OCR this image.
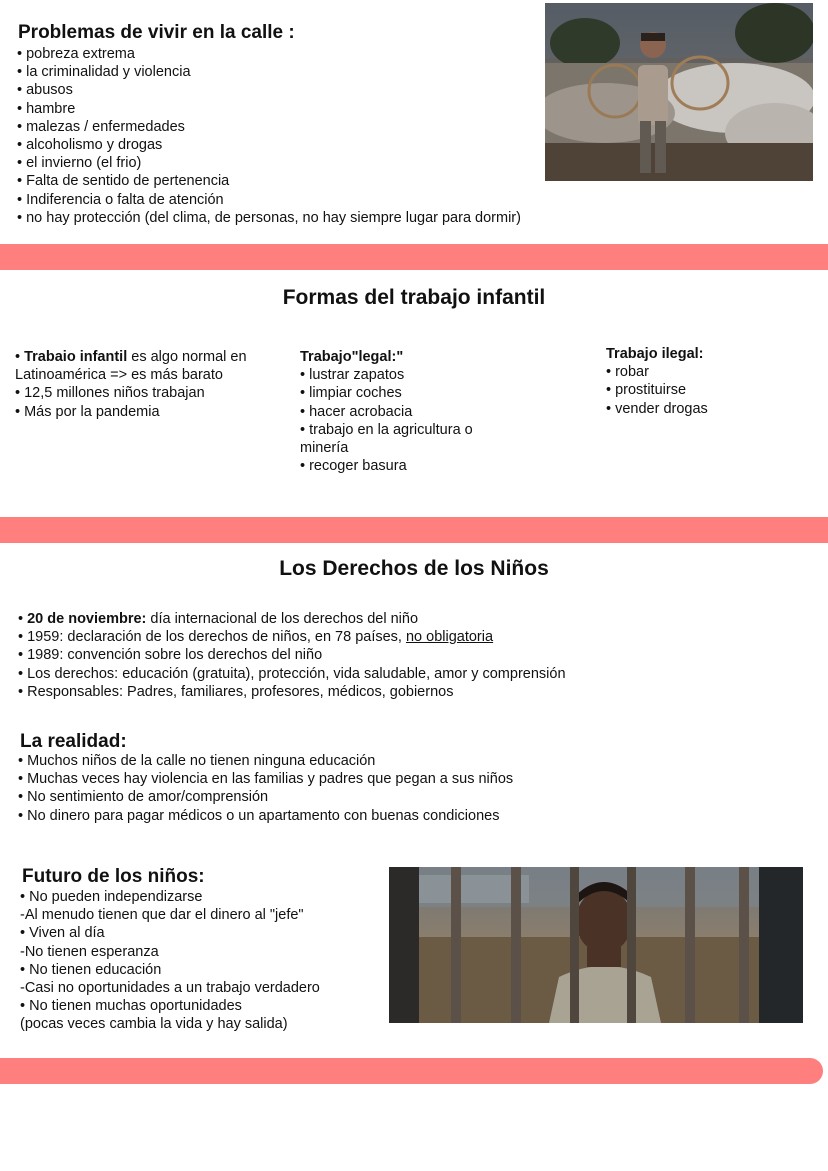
Problemas de vivir en la calle :
• pobreza extrema
• la criminalidad y violencia
• abusos
• hambre
• malezas / enfermedades
• alcoholismo y drogas
• el invierno (el frio)
• Falta de sentido de pertenencia
• Indiferencia o falta de atención
• no hay protección (del clima, de personas, no hay siempre lugar para dormir)
Formas del trabajo infantil
• Trabaio infantil es algo normal en
Latinoamérica => es más barato
• 12,5 millones niños trabajan
• Más por la pandemia
Trabajo"legal:"
• lustrar zapatos
• limpiar coches
• hacer acrobacia
• trabajo en la agricultura o
minería
• recoger basura
Trabajo ilegal:
• robar
• prostituirse
• vender drogas
Los Derechos de los Niños
• 20 de noviembre: día internacional de los derechos del niño
• 1959: declaración de los derechos de niños, en 78 países, no obligatoria
• 1989: convención sobre los derechos del niño
• Los derechos: educación (gratuita), protección, vida saludable, amor y comprensión
• Responsables: Padres, familiares, profesores, médicos, gobiernos
La realidad:
• Muchos niños de la calle no tienen ninguna educación
• Muchas veces hay violencia en las familias y padres que pegan a sus niños
• No sentimiento de amor/comprensión
• No dinero para pagar médicos o un apartamento con buenas condiciones
Futuro de los niños:
• No pueden independizarse
-Al menudo tienen que dar el dinero al "jefe"
• Viven al día
-No tienen esperanza
• No tienen educación
-Casi no oportunidades a un trabajo verdadero
• No tienen muchas oportunidades
(pocas veces cambia la vida y hay salida)
